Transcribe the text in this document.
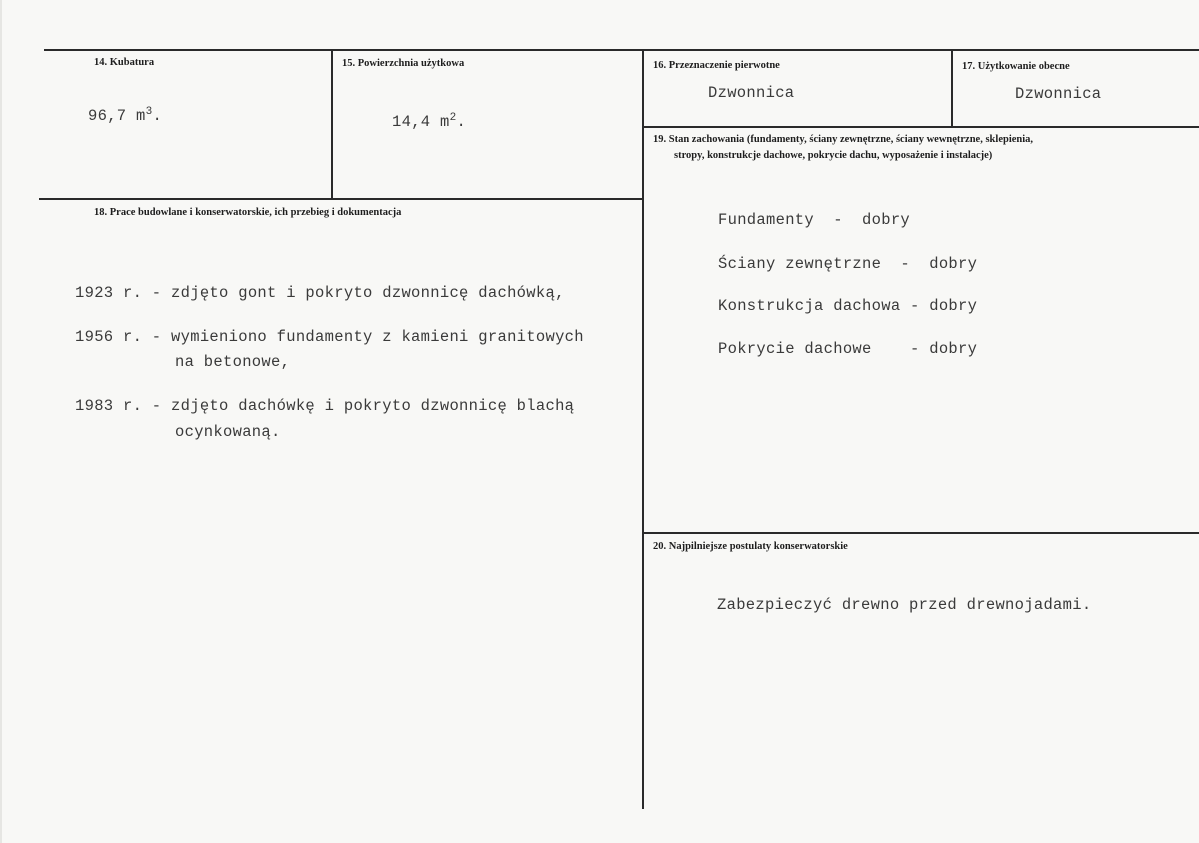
14. Kubatura
96,7 $m^3$.
15. Powierzchnia użytkowa
14,4 $m^2$.
16. Przeznaczenie pierwotne
Dzwonnica
17. Użytkowanie obecne
Dzwonnica
19. Stan zachowania (fundamenty, ściany zewnętrzne, ściany wewnętrzne, sklepienia,
stropy, konstrukcje dachowe, pokrycie dachu, wyposażenie i instalacje)
Fundamenty  -  dobry
Ściany zewnętrzne  -  dobry
Konstrukcja dachowa - dobry
Pokrycie dachowe    - dobry
18. Prace budowlane i konserwatorskie, ich przebieg i dokumentacja
1923 r. - zdjęto gont i pokryto dzwonnicę dachówką,
1956 r. - wymieniono fundamenty z kamieni granitowych
na betonowe,
1983 r. - zdjęto dachówkę i pokryto dzwonnicę blachą
ocynkowaną.
20. Najpilniejsze postulaty konserwatorskie
Zabezpieczyć drewno przed drewnojadami.
